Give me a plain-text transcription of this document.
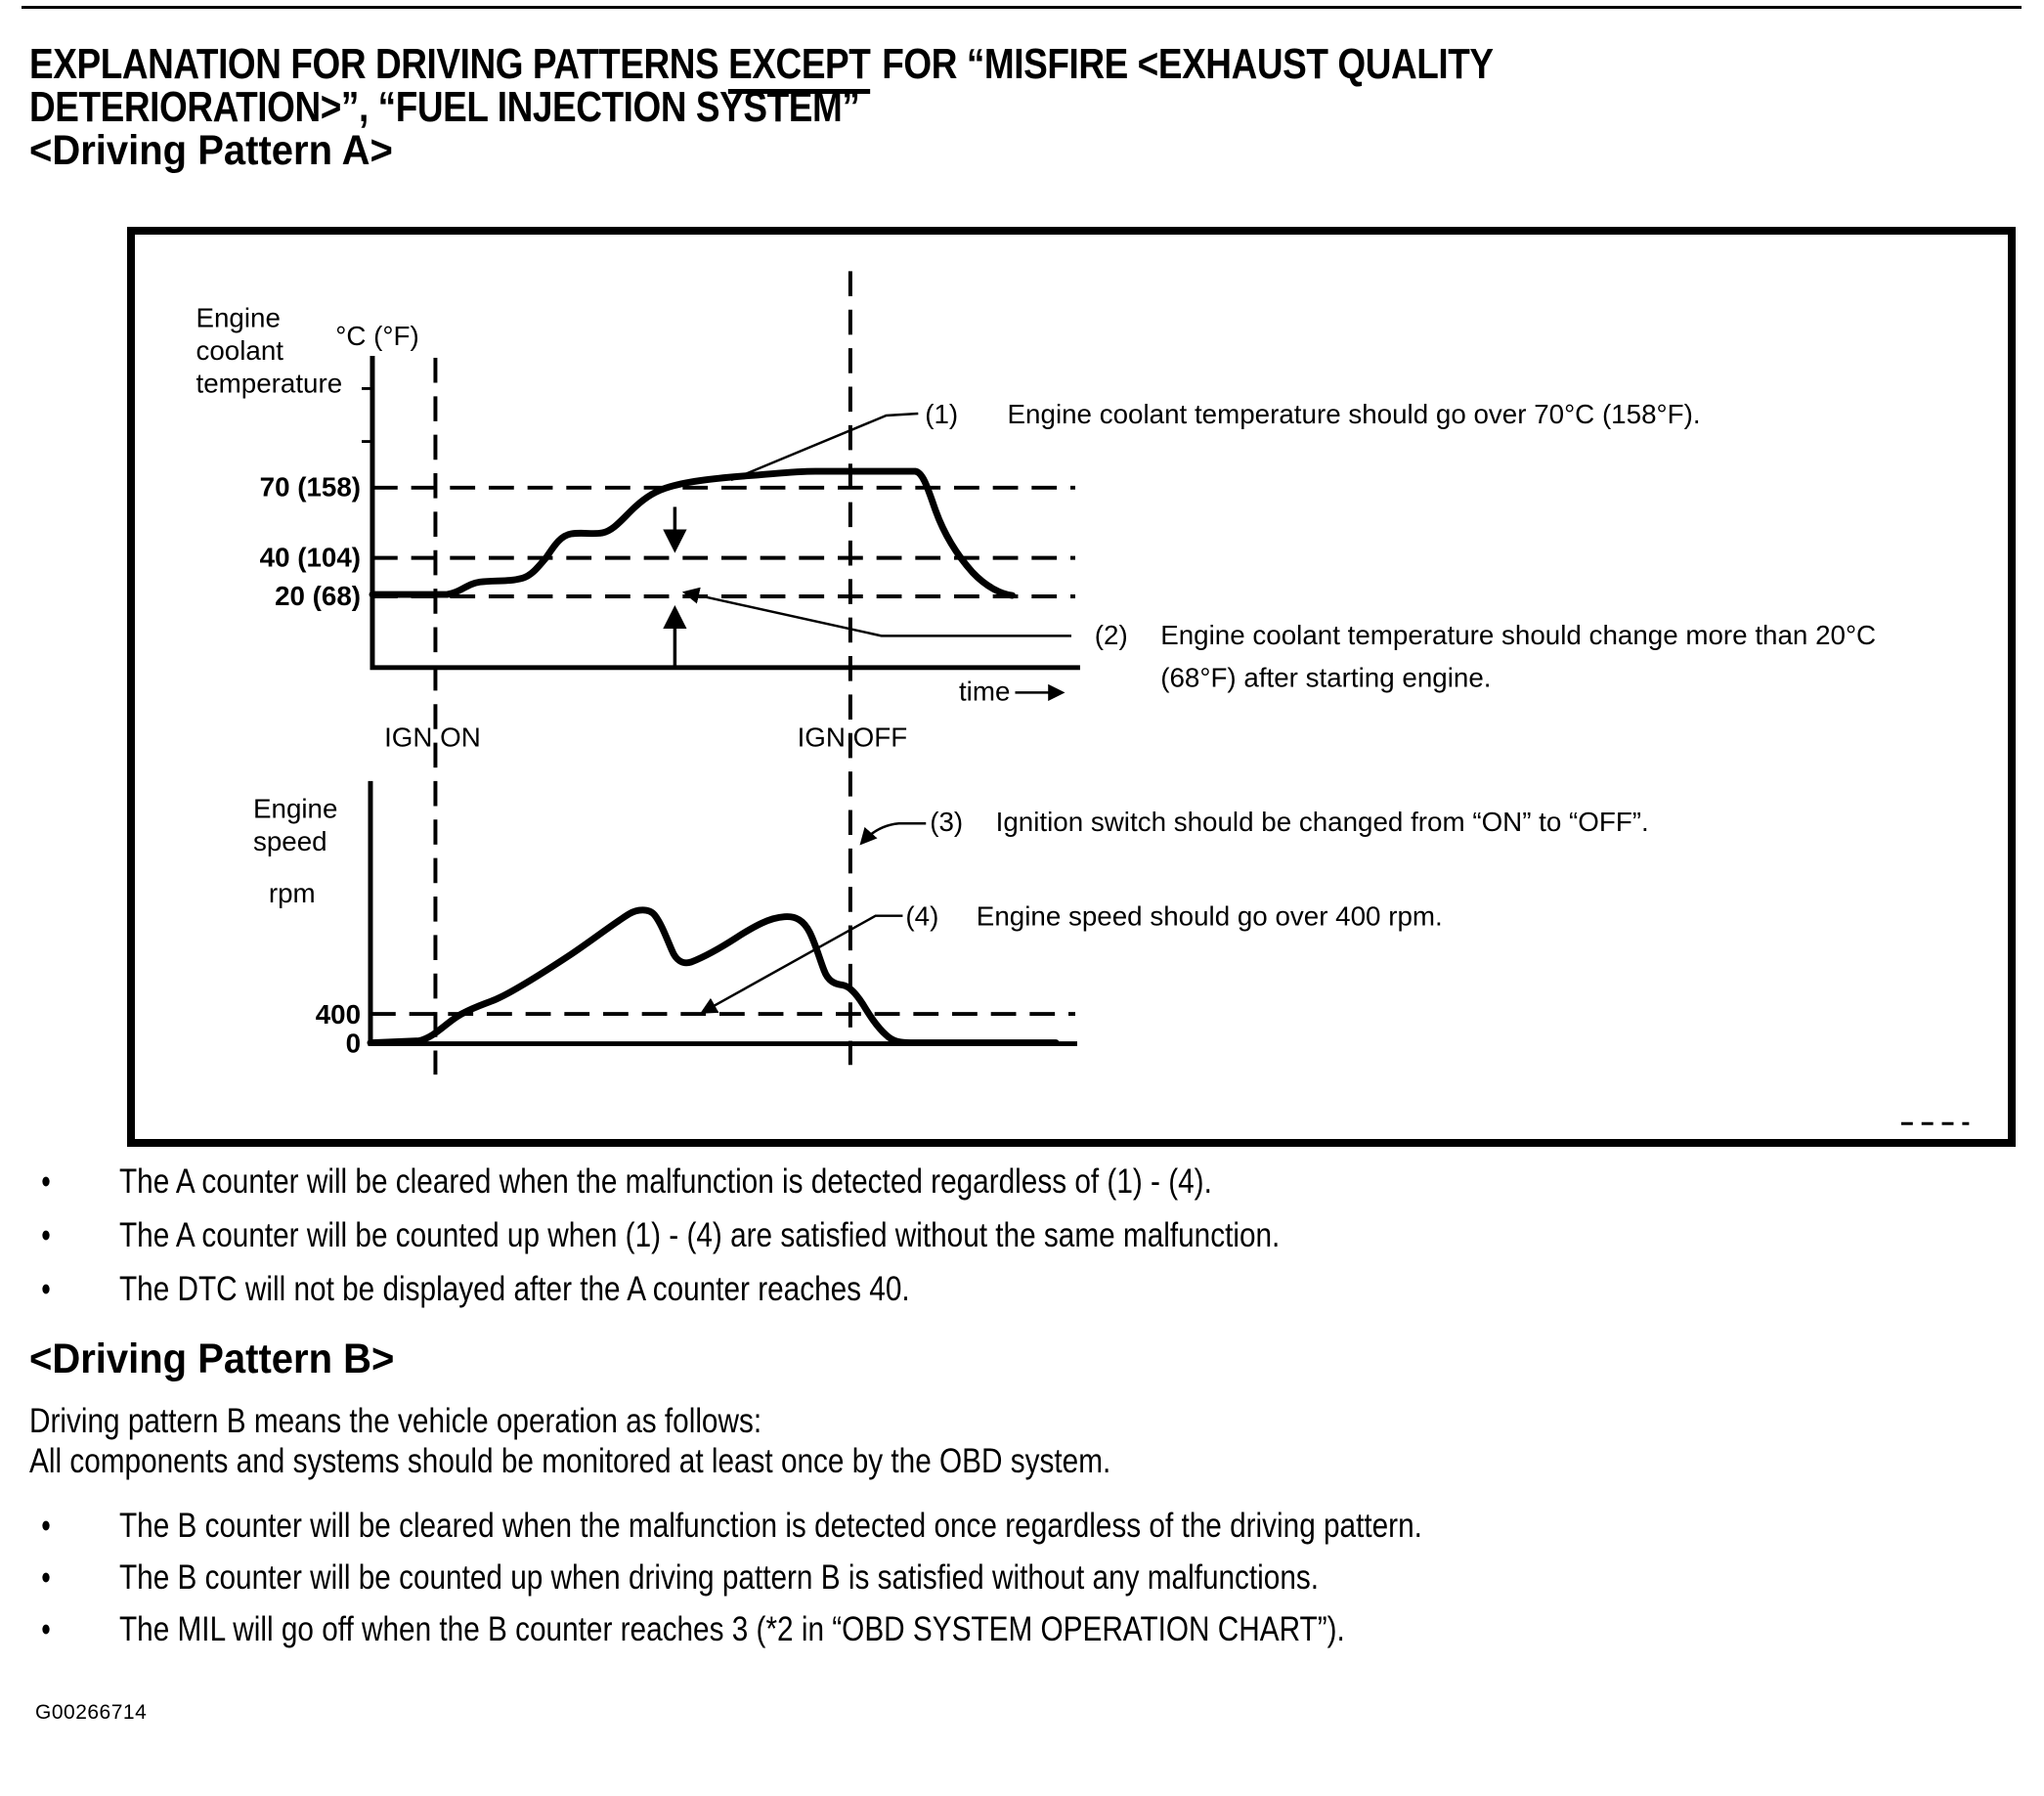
EXPLANATION FOR DRIVING PATTERNS EXCEPT FOR “MISFIRE <EXHAUST QUALITY DETERIORATION>”, “FUEL INJECTION SYSTEM”
<Driving Pattern A>
Engine
coolant
temperature
°C (°F)
70 (158)
40 (104)
20 (68)
time
IGN ON	IGN OFF
Engine
speed
rpm
400
0
(1) Engine coolant temperature should go over 70°C (158°F).
(2) Engine coolant temperature should change more than 20°C
(68°F) after starting engine.
(3) Ignition switch should be changed from “ON” to “OFF”.
(4) Engine speed should go over 400 rpm.
●	The A counter will be cleared when the malfunction is detected regardless of (1) - (4).
●	The A counter will be counted up when (1) - (4) are satisfied without the same malfunction.
●	The DTC will not be displayed after the A counter reaches 40.
<Driving Pattern B>
Driving pattern B means the vehicle operation as follows:
All components and systems should be monitored at least once by the OBD system.
●	The B counter will be cleared when the malfunction is detected once regardless of the driving pattern.
●	The B counter will be counted up when driving pattern B is satisfied without any malfunctions.
●	The MIL will go off when the B counter reaches 3 (*2 in “OBD SYSTEM OPERATION CHART”).
G00266714
